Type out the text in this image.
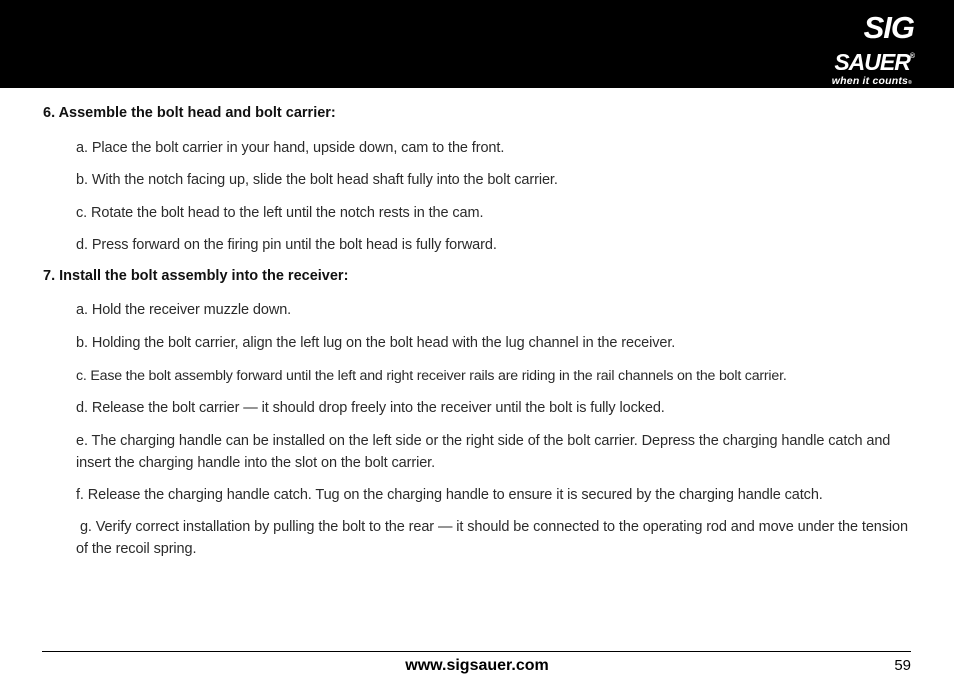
SIG
SAUER®
when it counts®
6. Assemble the bolt head and bolt carrier:
a. Place the bolt carrier in your hand, upside down, cam to the front.
b. With the notch facing up, slide the bolt head shaft fully into the bolt carrier.
c. Rotate the bolt head to the left until the notch rests in the cam.
d. Press forward on the firing pin until the bolt head is fully forward.
7. Install the bolt assembly into the receiver:
a. Hold the receiver muzzle down.
b. Holding the bolt carrier, align the left lug on the bolt head with the lug channel in the receiver.
c. Ease the bolt assembly forward until the left and right receiver rails are riding in the rail channels on the bolt carrier.
d. Release the bolt carrier — it should drop freely into the receiver until the bolt is fully locked.
e. The charging handle can be installed on the left side or the right side of the bolt carrier. Depress the charging handle catch and insert the charging handle into the slot on the bolt carrier.
f. Release the charging handle catch. Tug on the charging handle to ensure it is secured by the charging handle catch.
g. Verify correct installation by pulling the bolt to the rear — it should be connected to the operating rod and move under the tension of the recoil spring.
www.sigsauer.com	59
